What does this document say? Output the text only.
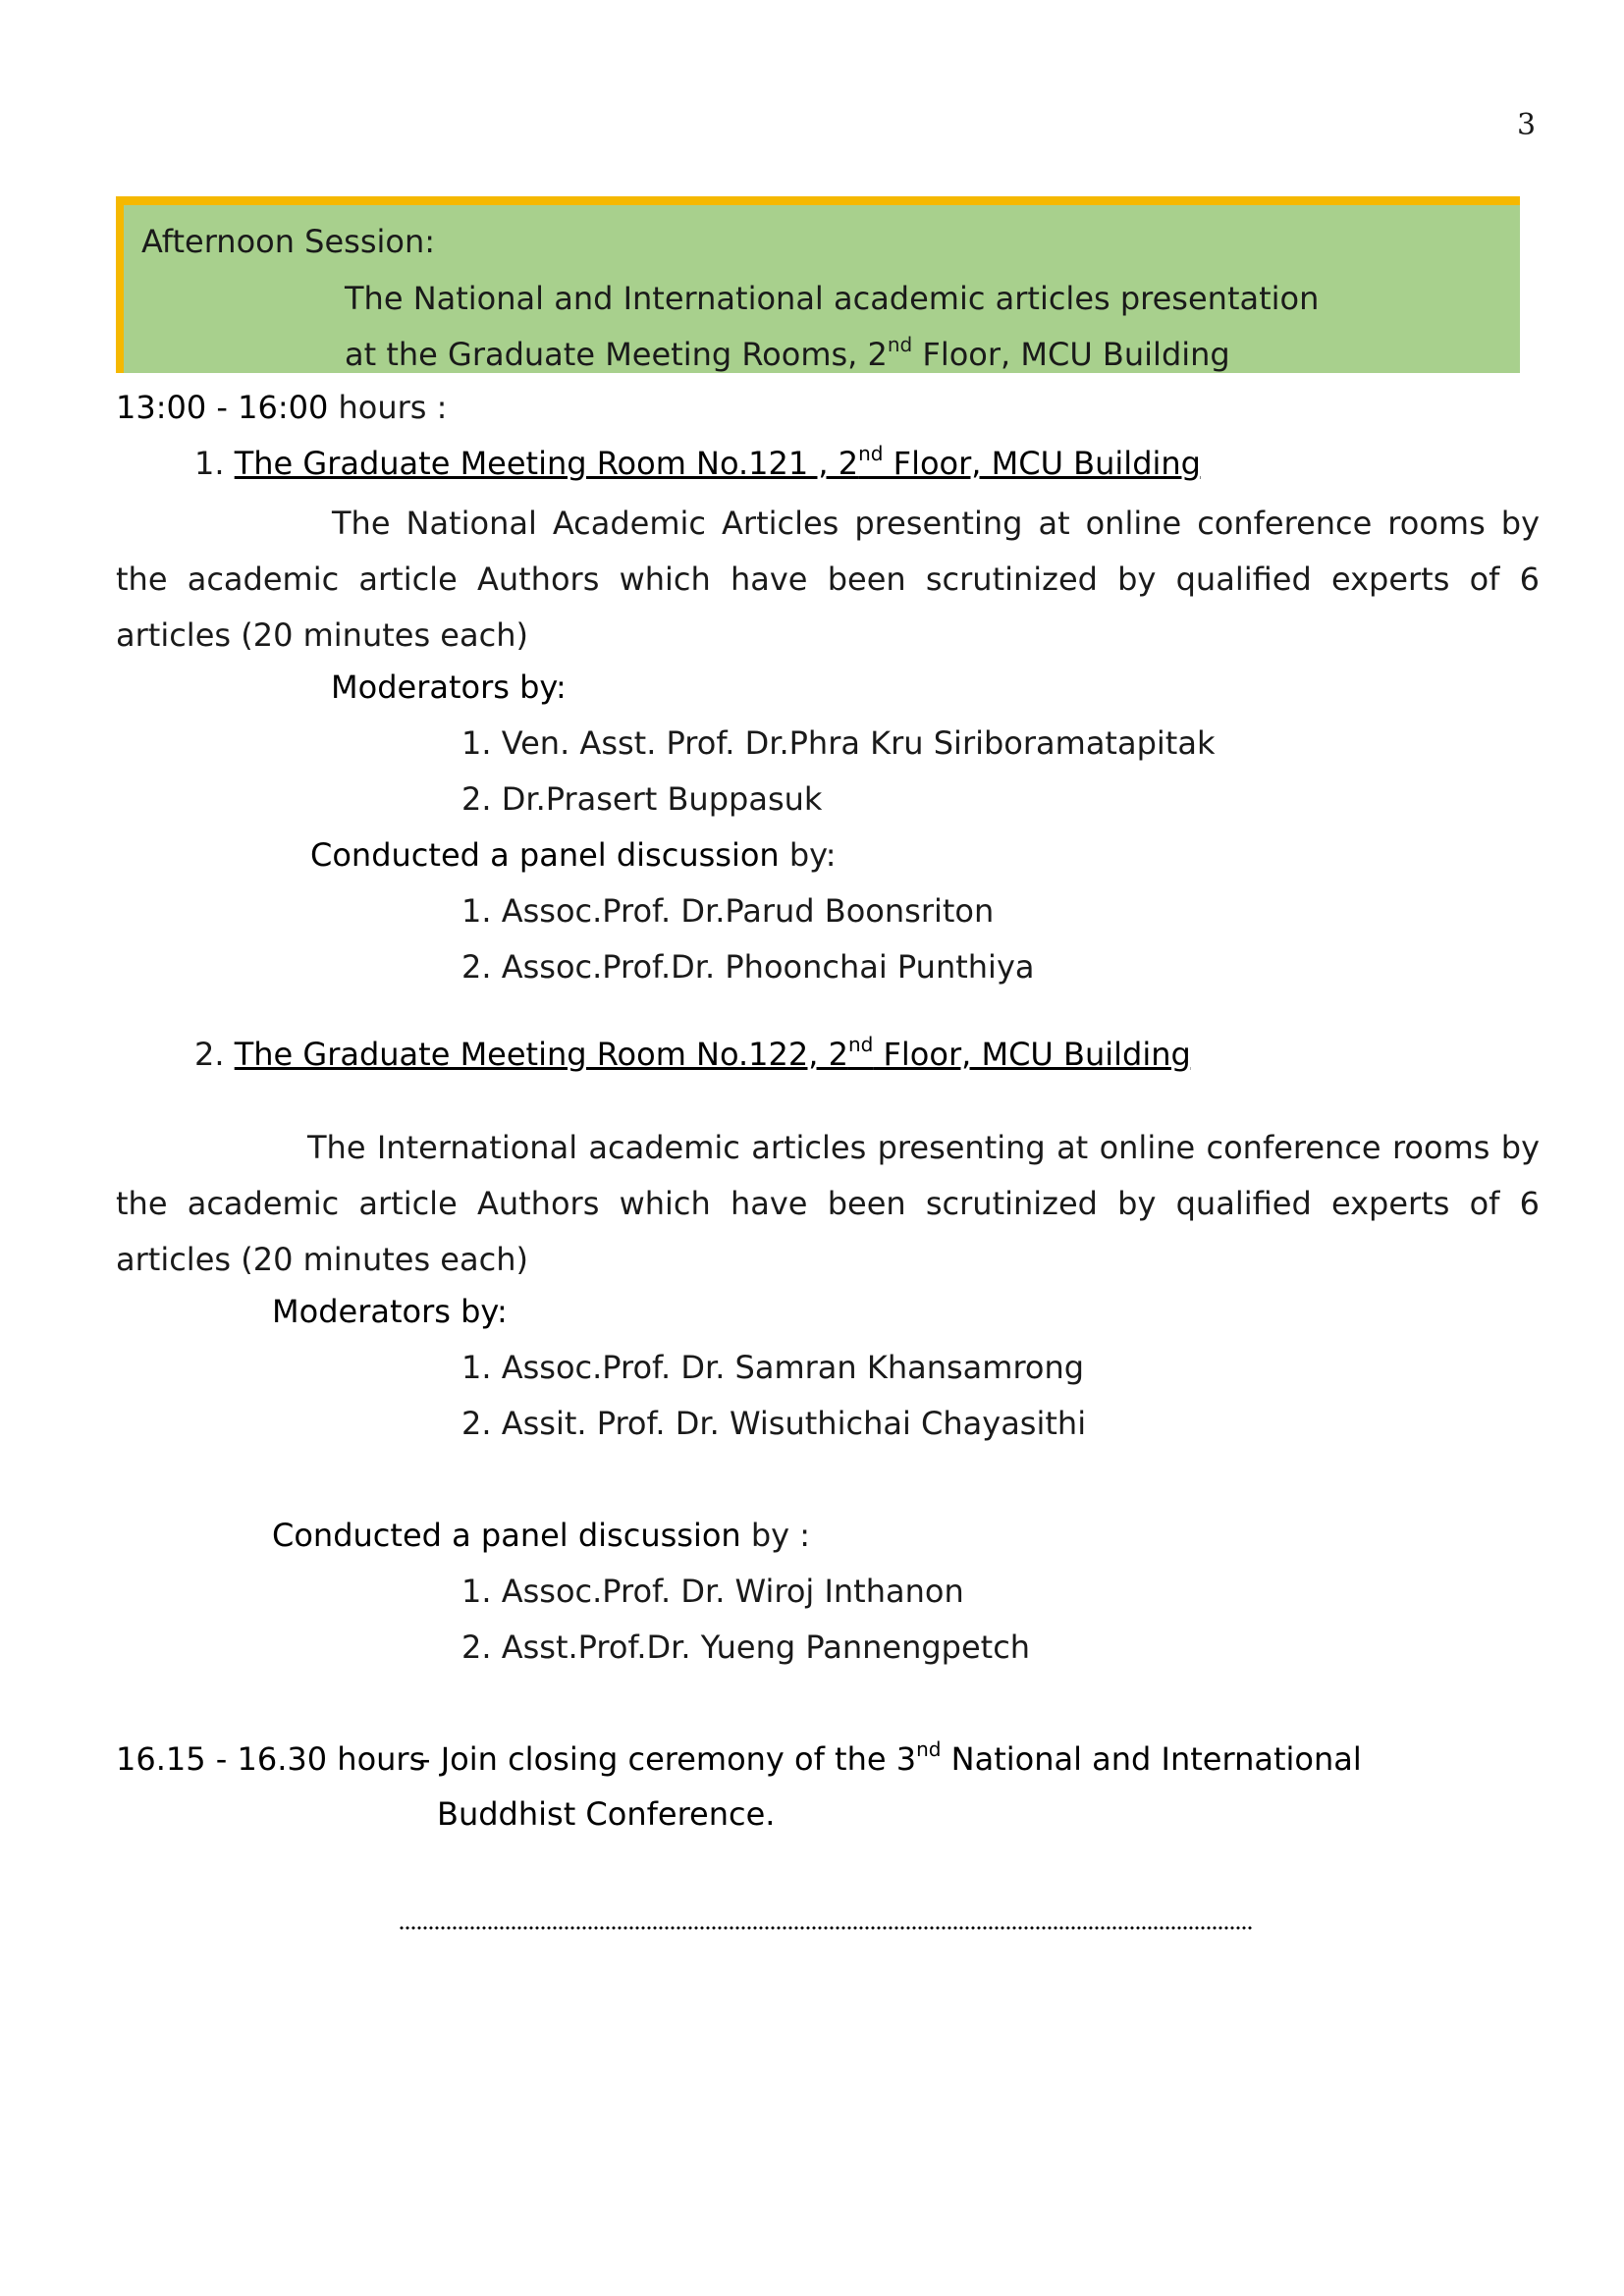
3
Afternoon Session:
The National and International academic articles presentation
at the Graduate Meeting Rooms, 2nd Floor, MCU Building
13:00 - 16:00 hours :
1. The Graduate Meeting Room No.121 , 2nd Floor, MCU Building
The National Academic Articles presenting at online conference rooms by the academic article Authors which have been scrutinized by qualified experts of 6 articles (20 minutes each)
Moderators by:
1. Ven. Asst. Prof. Dr.Phra Kru Siriboramatapitak
2. Dr.Prasert Buppasuk
Conducted a panel discussion by:
1. Assoc.Prof. Dr.Parud Boonsriton
2. Assoc.Prof.Dr. Phoonchai Punthiya
2. The Graduate Meeting Room No.122, 2nd Floor, MCU Building
The International academic articles presenting at online conference rooms by the academic article Authors which have been scrutinized by qualified experts of 6 articles (20 minutes each)
Moderators by:
1. Assoc.Prof. Dr. Samran Khansamrong
2. Assit. Prof. Dr. Wisuthichai Chayasithi
Conducted a panel discussion by :
1. Assoc.Prof. Dr. Wiroj Inthanon
2. Asst.Prof.Dr. Yueng Pannengpetch
16.15 - 16.30 hours
- Join closing ceremony of the 3nd National and International
Buddhist Conference.
